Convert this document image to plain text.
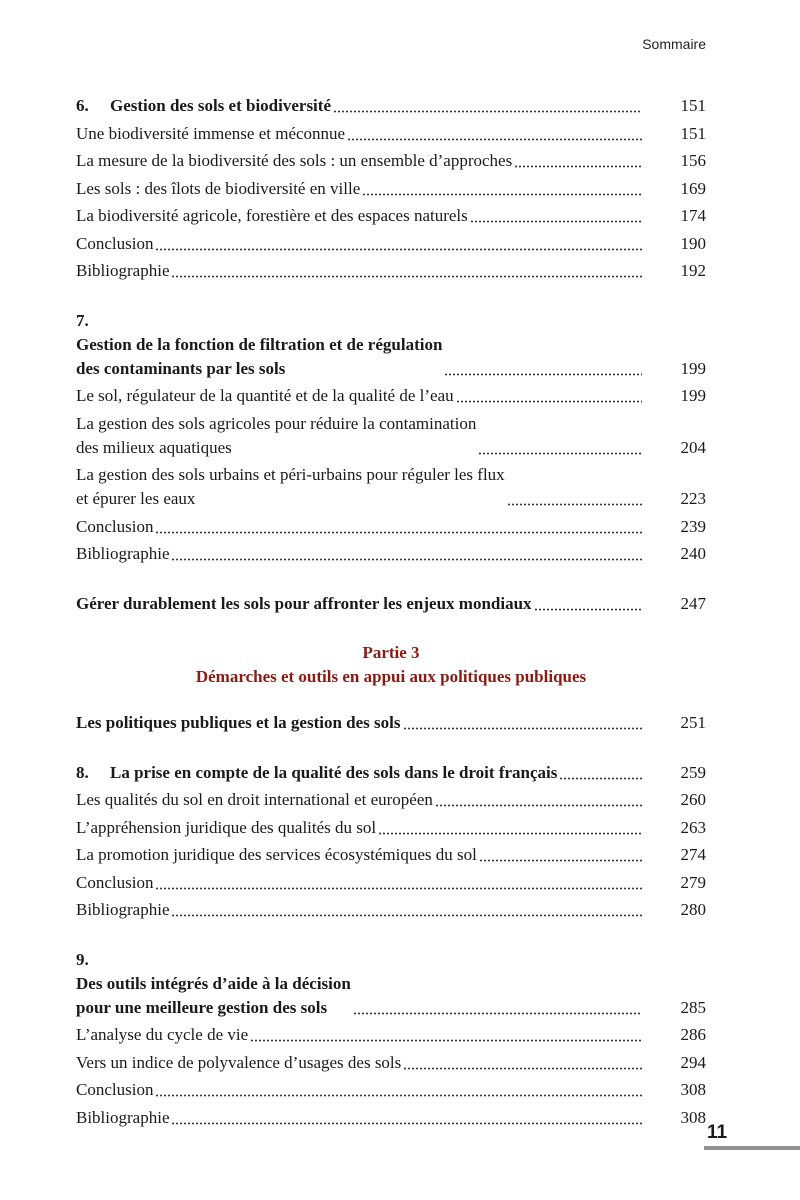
Sommaire
6. Gestion des sols et biodiversité	151
Une biodiversité immense et méconnue	151
La mesure de la biodiversité des sols : un ensemble d’approches	156
Les sols : des îlots de biodiversité en ville	169
La biodiversité agricole, forestière et des espaces naturels	174
Conclusion	190
Bibliographie	192
7.
Gestion de la fonction de filtration et de régulation
des contaminants par les sols	199
Le sol, régulateur de la quantité et de la qualité de l’eau	199
La gestion des sols agricoles pour réduire la contamination
des milieux aquatiques	204
La gestion des sols urbains et péri-urbains pour réguler les flux
et épurer les eaux	223
Conclusion	239
Bibliographie	240
Gérer durablement les sols pour affronter les enjeux mondiaux	247
Partie 3
Démarches et outils en appui aux politiques publiques
Les politiques publiques et la gestion des sols	251
8. La prise en compte de la qualité des sols dans le droit français	259
Les qualités du sol en droit international et européen	260
L’appréhension juridique des qualités du sol	263
La promotion juridique des services écosystémiques du sol	274
Conclusion	279
Bibliographie	280
9.
Des outils intégrés d’aide à la décision
pour une meilleure gestion des sols	285
L’analyse du cycle de vie	286
Vers un indice de polyvalence d’usages des sols	294
Conclusion	308
Bibliographie	308
11
